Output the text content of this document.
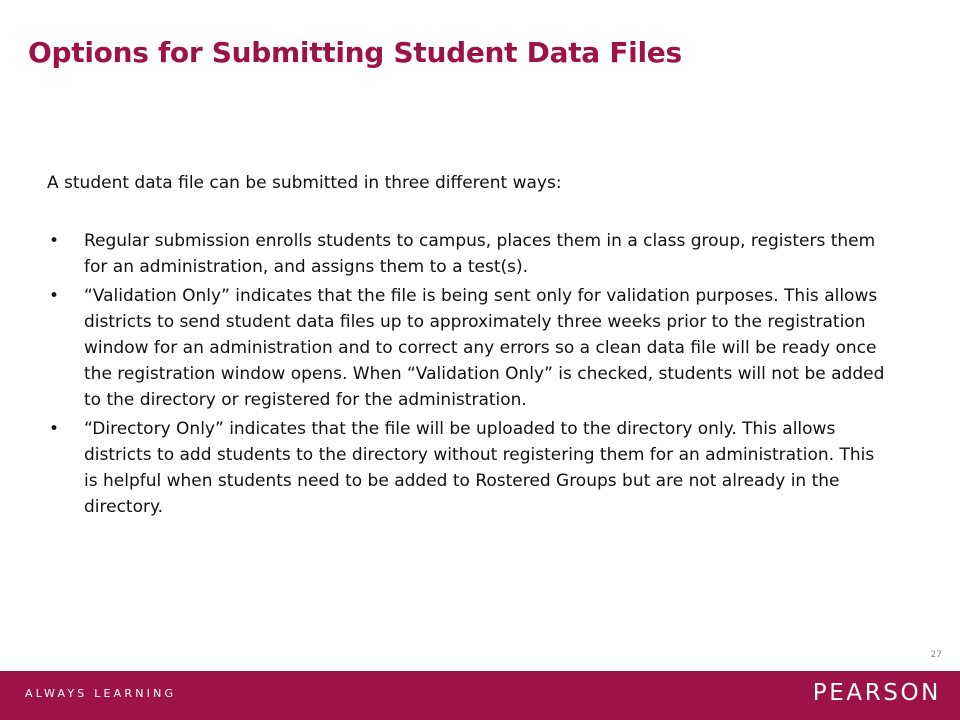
Options for Submitting Student Data Files

A student data file can be submitted in three different ways:

• Regular submission enrolls students to campus, places them in a class group, registers them for an administration, and assigns them to a test(s).
• “Validation Only” indicates that the file is being sent only for validation purposes. This allows districts to send student data files up to approximately three weeks prior to the registration window for an administration and to correct any errors so a clean data file will be ready once the registration window opens. When “Validation Only” is checked, students will not be added to the directory or registered for the administration.
• “Directory Only” indicates that the file will be uploaded to the directory only. This allows districts to add students to the directory without registering them for an administration. This is helpful when students need to be added to Rostered Groups but are not already in the directory.
27
ALWAYS LEARNING	PEARSON
